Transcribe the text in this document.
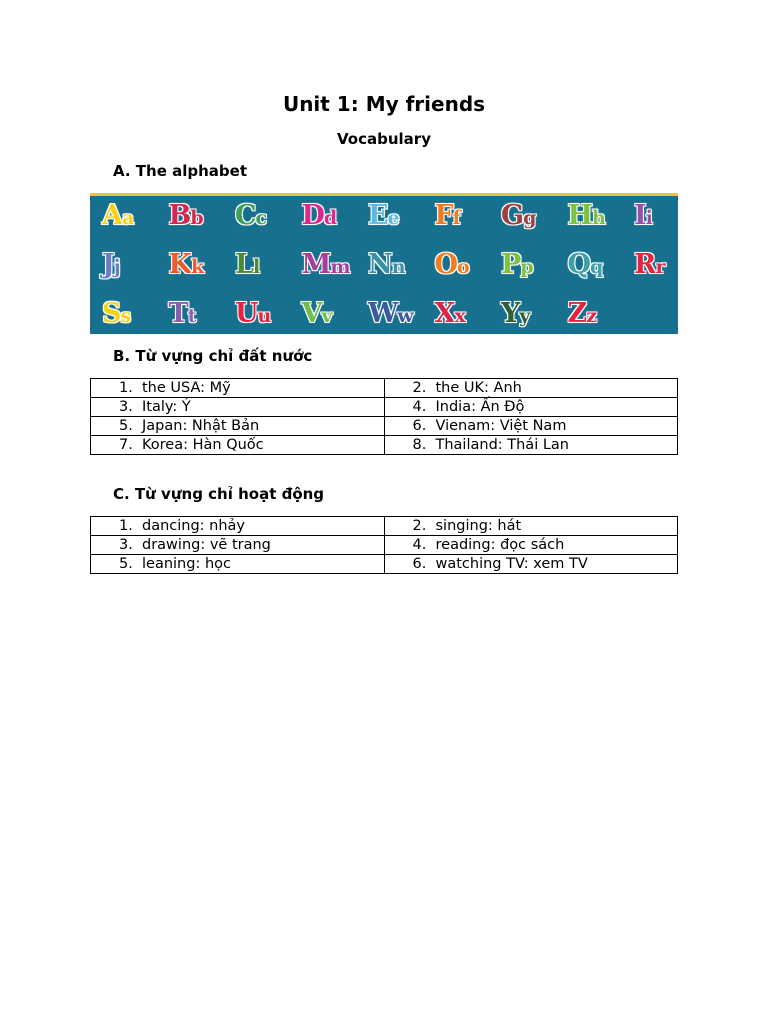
Unit 1: My friends
Vocabulary
A. The alphabet
Aa Bb Cc Dd Ee Ff Gg Hh Ii
Jj Kk Ll Mm Nn Oo Pp Qq Rr
Ss Tt Uu Vv Ww Xx Yy Zz
B. Từ vựng chỉ đất nước
1. the USA: Mỹ	2. the UK: Anh
3. Italy: Ý	4. India: Ấn Độ
5. Japan: Nhật Bản	6. Vienam: Việt Nam
7. Korea: Hàn Quốc	8. Thailand: Thái Lan
C. Từ vựng chỉ hoạt động
1. dancing: nhảy	2. singing: hát
3. drawing: vẽ trang	4. reading: đọc sách
5. leaning: học	6. watching TV: xem TV
